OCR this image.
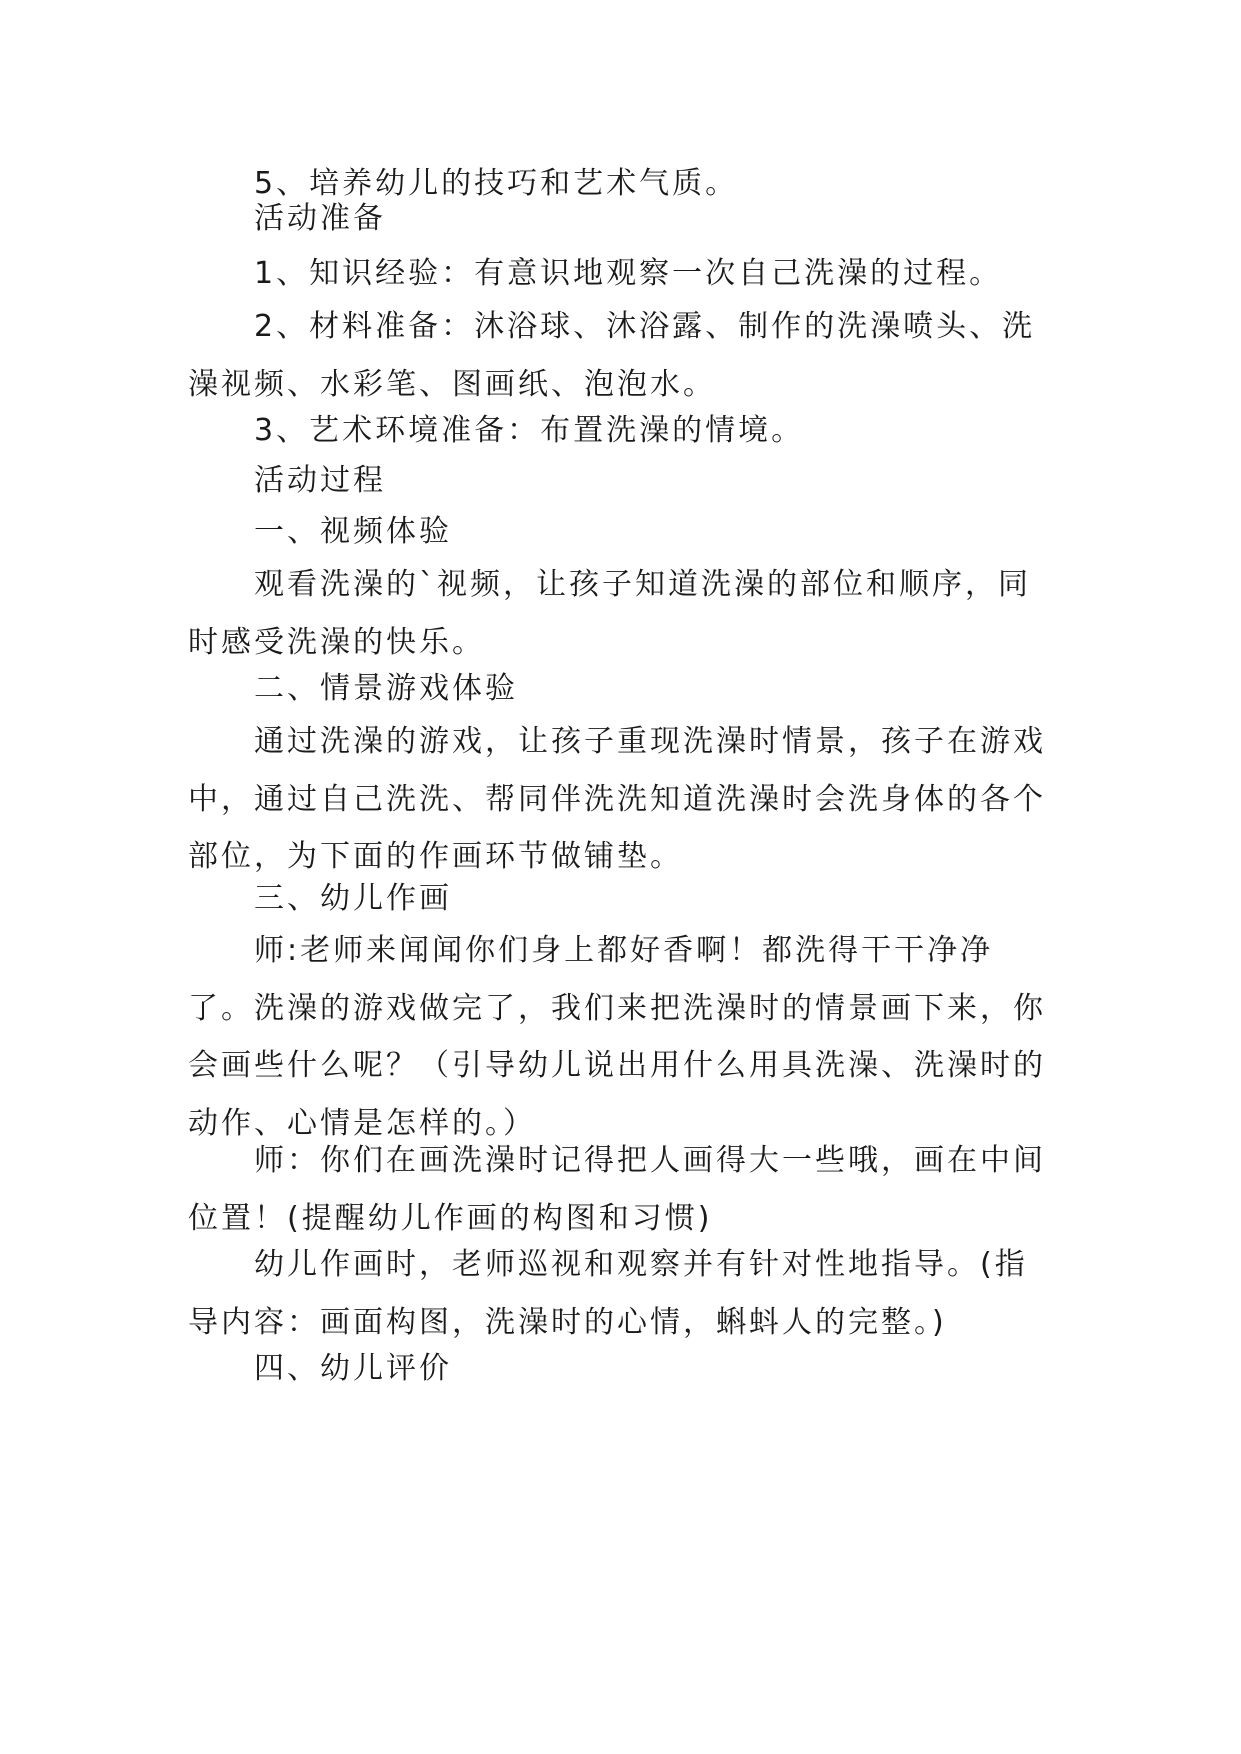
5、培养幼儿的技巧和艺术气质。

活动准备

1、知识经验：有意识地观察一次自己洗澡的过程。

2、材料准备：沐浴球、沐浴露、制作的洗澡喷头、洗澡视频、水彩笔、图画纸、泡泡水。

3、艺术环境准备：布置洗澡的情境。

活动过程

一、视频体验

观看洗澡的`视频，让孩子知道洗澡的部位和顺序，同时感受洗澡的快乐。

二、情景游戏体验

通过洗澡的游戏，让孩子重现洗澡时情景，孩子在游戏中，通过自己洗洗、帮同伴洗洗知道洗澡时会洗身体的各个部位，为下面的作画环节做铺垫。

三、幼儿作画

师:老师来闻闻你们身上都好香啊！都洗得干干净净了。洗澡的游戏做完了，我们来把洗澡时的情景画下来，你会画些什么呢？（引导幼儿说出用什么用具洗澡、洗澡时的动作、心情是怎样的。）

师：你们在画洗澡时记得把人画得大一些哦，画在中间位置！(提醒幼儿作画的构图和习惯)

幼儿作画时，老师巡视和观察并有针对性地指导。(指导内容：画面构图，洗澡时的心情，蝌蚪人的完整。)

四、幼儿评价
